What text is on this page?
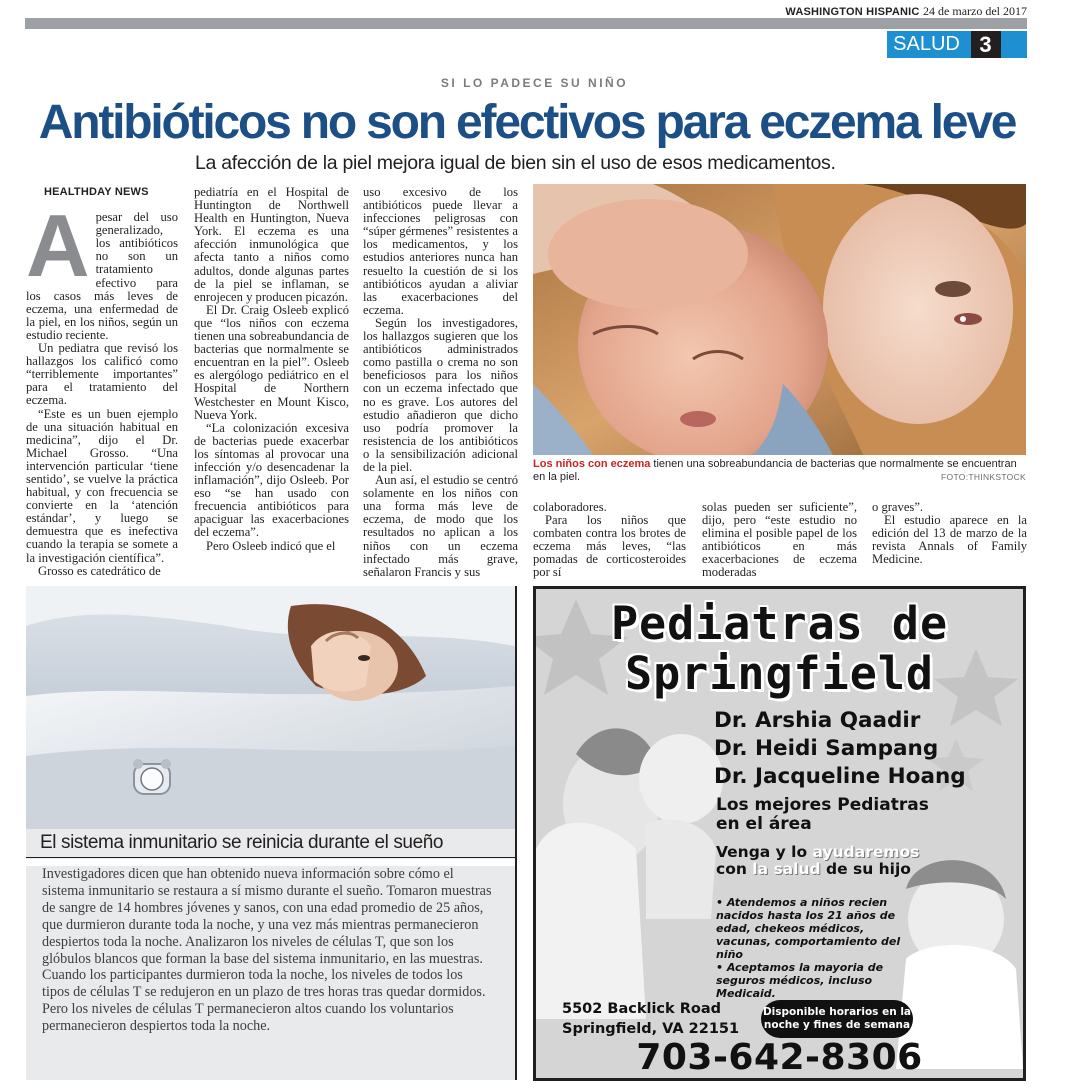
WASHINGTON HISPANIC 24 de marzo del 2017
SALUD 3
SI LO PADECE SU NIÑO
Antibióticos no son efectivos para eczema leve
La afección de la piel mejora igual de bien sin el uso de esos medicamentos.
HEALTHDAY NEWS

Apesar del uso generalizado, los antibióticos no son un tratamiento efectivo para los casos más leves de eczema, una enfermedad de la piel, en los niños, según un estudio reciente.

Un pediatra que revisó los hallazgos los calificó como “terriblemente importantes” para el tratamiento del eczema.

“Este es un buen ejemplo de una situación habitual en medicina”, dijo el Dr. Michael Grosso. “Una intervención particular ‘tiene sentido’, se vuelve la práctica habitual, y con frecuencia se convierte en la ‘atención estándar’, y luego se demuestra que es inefectiva cuando la terapia se somete a la investigación científica”.

Grosso es catedrático de

pediatría en el Hospital de Huntington de Northwell Health en Huntington, Nueva York. El eczema es una afección inmunológica que afecta tanto a niños como adultos, donde algunas partes de la piel se inflaman, se enrojecen y producen picazón.

El Dr. Craig Osleeb explicó que “los niños con eczema tienen una sobreabundancia de bacterias que normalmente se encuentran en la piel”. Osleeb es alergólogo pediátrico en el Hospital de Northern Westchester en Mount Kisco, Nueva York.

“La colonización excesiva de bacterias puede exacerbar los síntomas al provocar una infección y/o desencadenar la inflamación”, dijo Osleeb. Por eso “se han usado con frecuencia antibióticos para apaciguar las exacerbaciones del eczema”.

Pero Osleeb indicó que el

uso excesivo de los antibióticos puede llevar a infecciones peligrosas con “súper gérmenes” resistentes a los medicamentos, y los estudios anteriores nunca han resuelto la cuestión de si los antibióticos ayudan a aliviar las exacerbaciones del eczema.

Según los investigadores, los hallazgos sugieren que los antibióticos administrados como pastilla o crema no son beneficiosos para los niños con un eczema infectado que no es grave. Los autores del estudio añadieron que dicho uso podría promover la resistencia de los antibióticos o la sensibilización adicional de la piel.

Aun así, el estudio se centró solamente en los niños con una forma más leve de eczema, de modo que los resultados no aplican a los niños con un eczema infectado más grave, señalaron Francis y sus

Los niños con eczema tienen una sobreabundancia de bacterias que normalmente se encuentran en la piel.	FOTO:THINKSTOCK

colaboradores.

Para los niños que combaten contra los brotes de eczema más leves, “las pomadas de corticosteroides por sí

solas pueden ser suficiente”, dijo, pero “este estudio no elimina el posible papel de los antibióticos en más exacerbaciones de eczema moderadas

o graves”.

El estudio aparece en la edición del 13 de marzo de la revista Annals of Family Medicine.

El sistema inmunitario se reinicia durante el sueño
Investigadores dicen que han obtenido nueva información sobre cómo el sistema inmunitario se restaura a sí mismo durante el sueño. Tomaron muestras de sangre de 14 hombres jóvenes y sanos, con una edad promedio de 25 años, que durmieron durante toda la noche, y una vez más mientras permanecieron despiertos toda la noche. Analizaron los niveles de células T, que son los glóbulos blancos que forman la base del sistema inmunitario, en las muestras. Cuando los participantes durmieron toda la noche, los niveles de todos los tipos de células T se redujeron en un plazo de tres horas tras quedar dormidos. Pero los niveles de células T permanecieron altos cuando los voluntarios permanecieron despiertos toda la noche.
Pediatras de
Springfield
Dr. Arshia Qaadir
Dr. Heidi Sampang
Dr. Jacqueline Hoang
Los mejores Pediatras
en el área
Venga y lo ayudaremos
con la salud de su hijo
• Atendemos a niños recien nacidos hasta los 21 años de edad, chekeos médicos, vacunas, comportamiento del niño
• Aceptamos la mayoria de seguros médicos, incluso Medicaid.
5502 Backlick Road
Springfield, VA 22151
Disponible horarios en la
noche y fines de semana
703-642-8306
